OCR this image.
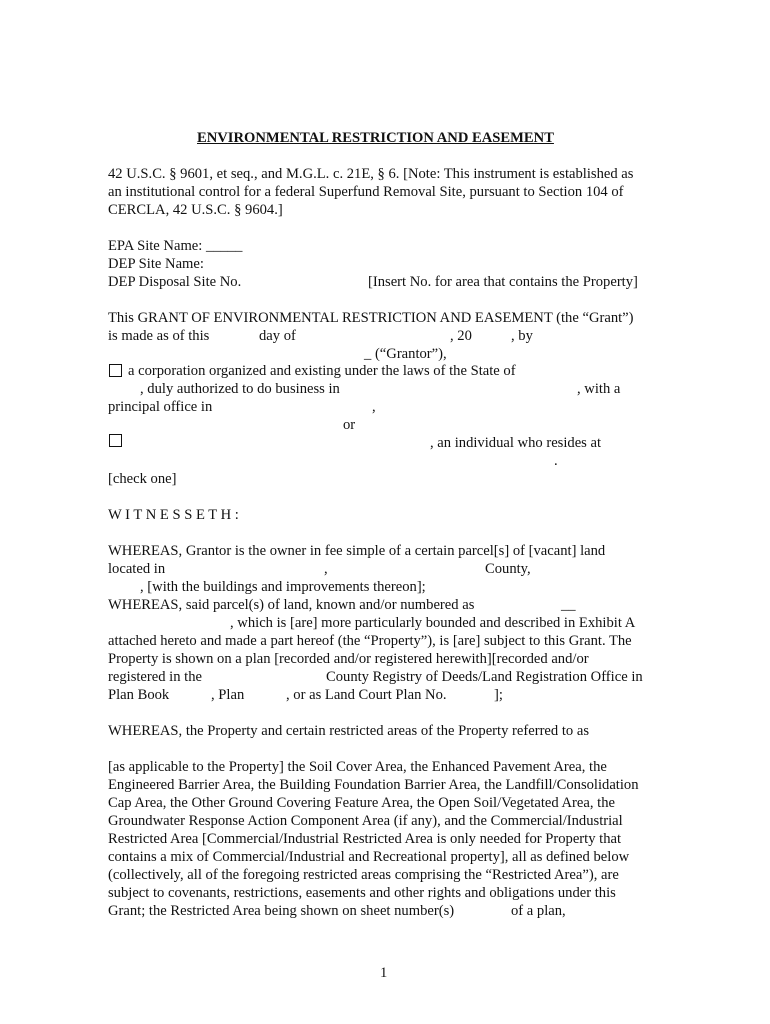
ENVIRONMENTAL RESTRICTION AND EASEMENT
42 U.S.C. § 9601, et seq., and M.G.L. c. 21E, § 6. [Note: This instrument is established as
an institutional control for a federal Superfund Removal Site, pursuant to Section 104 of
CERCLA, 42 U.S.C. § 9604.]
EPA Site Name: _____
DEP Site Name:
DEP Disposal Site No.	[Insert No. for area that contains the Property]
This GRANT OF ENVIRONMENTAL RESTRICTION AND EASEMENT (the “Grant”)
is made as of this	day of	, 20	, by
_ (“Grantor”),
a corporation organized and existing under the laws of the State of
, duly authorized to do business in	, with a
principal office in	,
or
, an individual who resides at
.
[check one]
W I T N E S S E T H :
WHEREAS, Grantor is the owner in fee simple of a certain parcel[s] of [vacant] land
located in	,	County,
, [with the buildings and improvements thereon];
WHEREAS, said parcel(s) of land, known and/or numbered as	__
, which is [are] more particularly bounded and described in Exhibit A
attached hereto and made a part hereof (the “Property”), is [are] subject to this Grant. The
Property is shown on a plan [recorded and/or registered herewith][recorded and/or
registered in the	County Registry of Deeds/Land Registration Office in
Plan Book	, Plan	, or as Land Court Plan No.	];
WHEREAS, the Property and certain restricted areas of the Property referred to as
[as applicable to the Property] the Soil Cover Area, the Enhanced Pavement Area, the
Engineered Barrier Area, the Building Foundation Barrier Area, the Landfill/Consolidation
Cap Area, the Other Ground Covering Feature Area, the Open Soil/Vegetated Area, the
Groundwater Response Action Component Area (if any), and the Commercial/Industrial
Restricted Area [Commercial/Industrial Restricted Area is only needed for Property that
contains a mix of Commercial/Industrial and Recreational property], all as defined below
(collectively, all of the foregoing restricted areas comprising the “Restricted Area”), are
subject to covenants, restrictions, easements and other rights and obligations under this
Grant; the Restricted Area being shown on sheet number(s)	of a plan,
1
